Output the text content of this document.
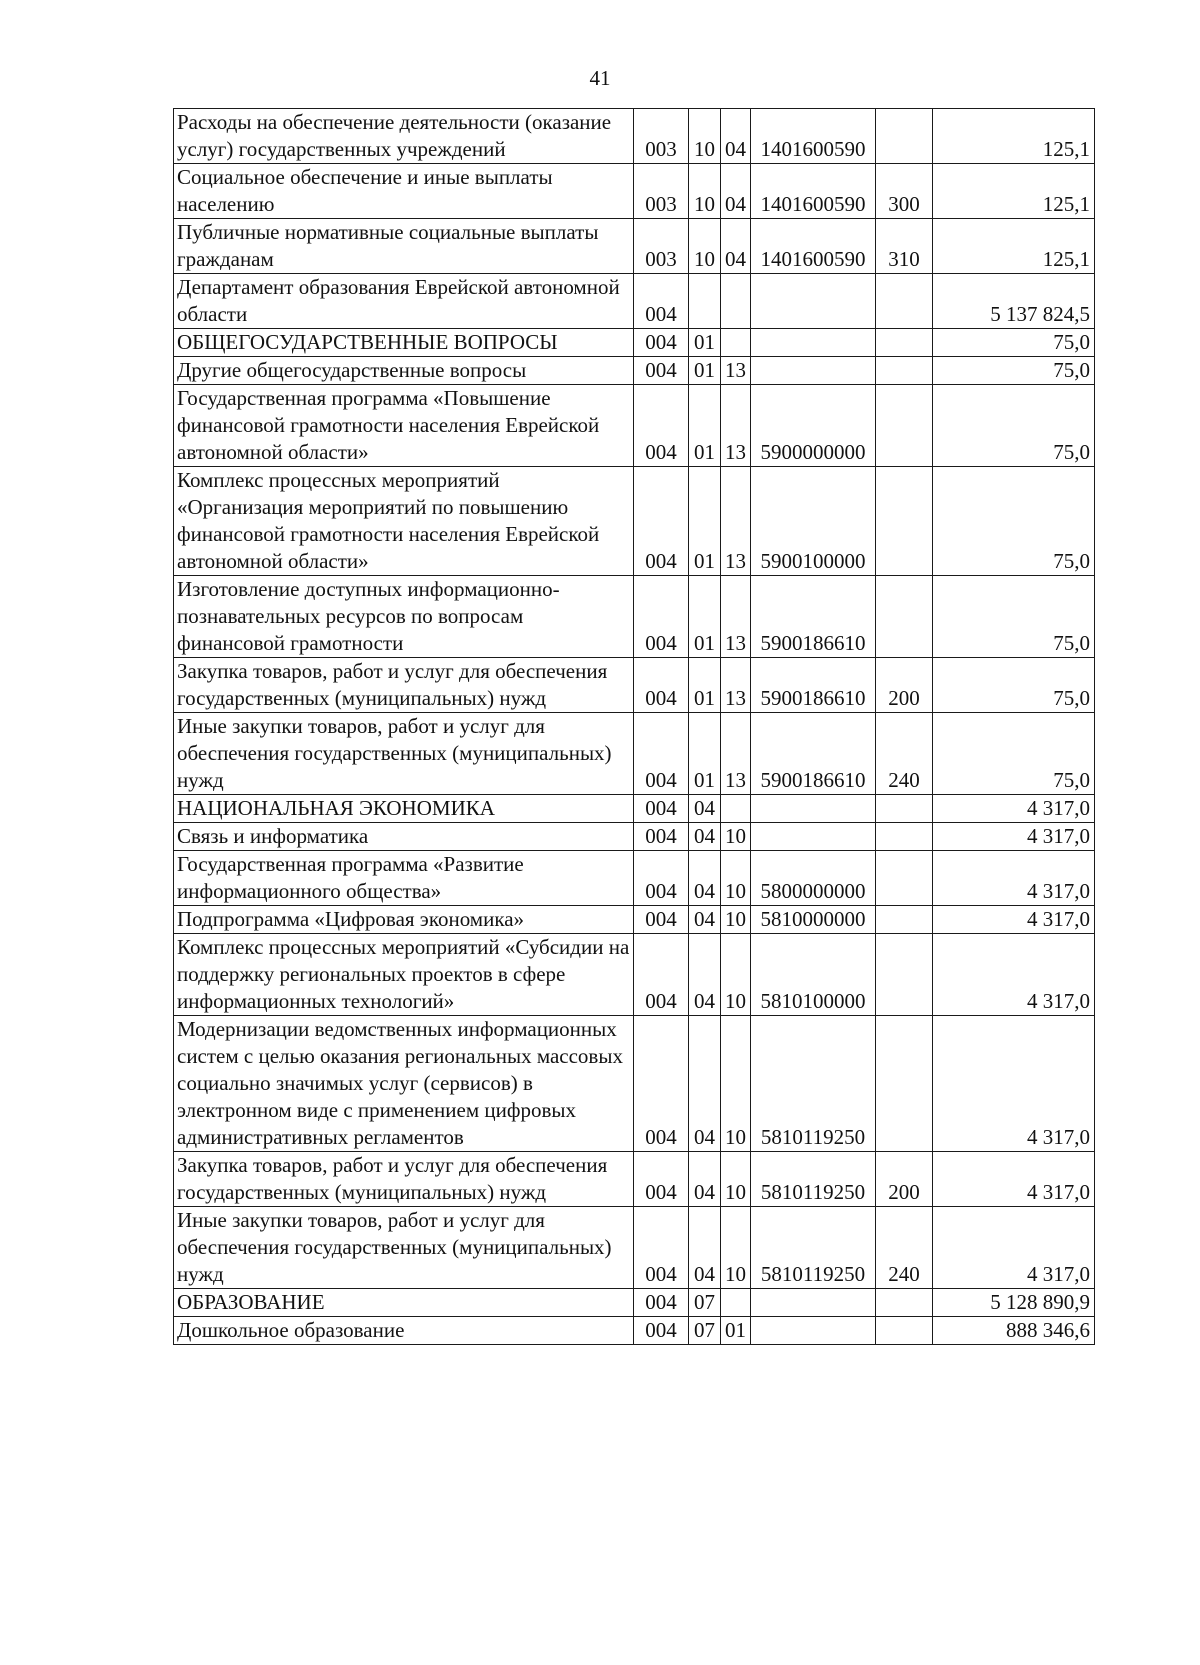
41
Расходы на обеспечение деятельности (оказание услуг) государственных учреждений	003	10	04	1401600590		125,1
Социальное обеспечение и иные выплаты населению	003	10	04	1401600590	300	125,1
Публичные нормативные социальные выплаты гражданам	003	10	04	1401600590	310	125,1
Департамент образования Еврейской автономной области	004					5 137 824,5
ОБЩЕГОСУДАРСТВЕННЫЕ ВОПРОСЫ	004	01				75,0
Другие общегосударственные вопросы	004	01	13			75,0
Государственная программа «Повышение финансовой грамотности населения Еврейской автономной области»	004	01	13	5900000000		75,0
Комплекс процессных мероприятий «Организация мероприятий по повышению финансовой грамотности населения Еврейской автономной области»	004	01	13	5900100000		75,0
Изготовление доступных информационно-познавательных ресурсов по вопросам финансовой грамотности	004	01	13	5900186610		75,0
Закупка товаров, работ и услуг для обеспечения государственных (муниципальных) нужд	004	01	13	5900186610	200	75,0
Иные закупки товаров, работ и услуг для обеспечения государственных (муниципальных) нужд	004	01	13	5900186610	240	75,0
НАЦИОНАЛЬНАЯ ЭКОНОМИКА	004	04				4 317,0
Связь и информатика	004	04	10			4 317,0
Государственная программа «Развитие информационного общества»	004	04	10	5800000000		4 317,0
Подпрограмма «Цифровая экономика»	004	04	10	5810000000		4 317,0
Комплекс процессных мероприятий «Субсидии на поддержку региональных проектов в сфере информационных технологий»	004	04	10	5810100000		4 317,0
Модернизации ведомственных информационных систем с целью оказания региональных массовых социально значимых услуг (сервисов) в электронном виде с применением цифровых административных регламентов	004	04	10	5810119250		4 317,0
Закупка товаров, работ и услуг для обеспечения государственных (муниципальных) нужд	004	04	10	5810119250	200	4 317,0
Иные закупки товаров, работ и услуг для обеспечения государственных (муниципальных) нужд	004	04	10	5810119250	240	4 317,0
ОБРАЗОВАНИЕ	004	07				5 128 890,9
Дошкольное образование	004	07	01			888 346,6
